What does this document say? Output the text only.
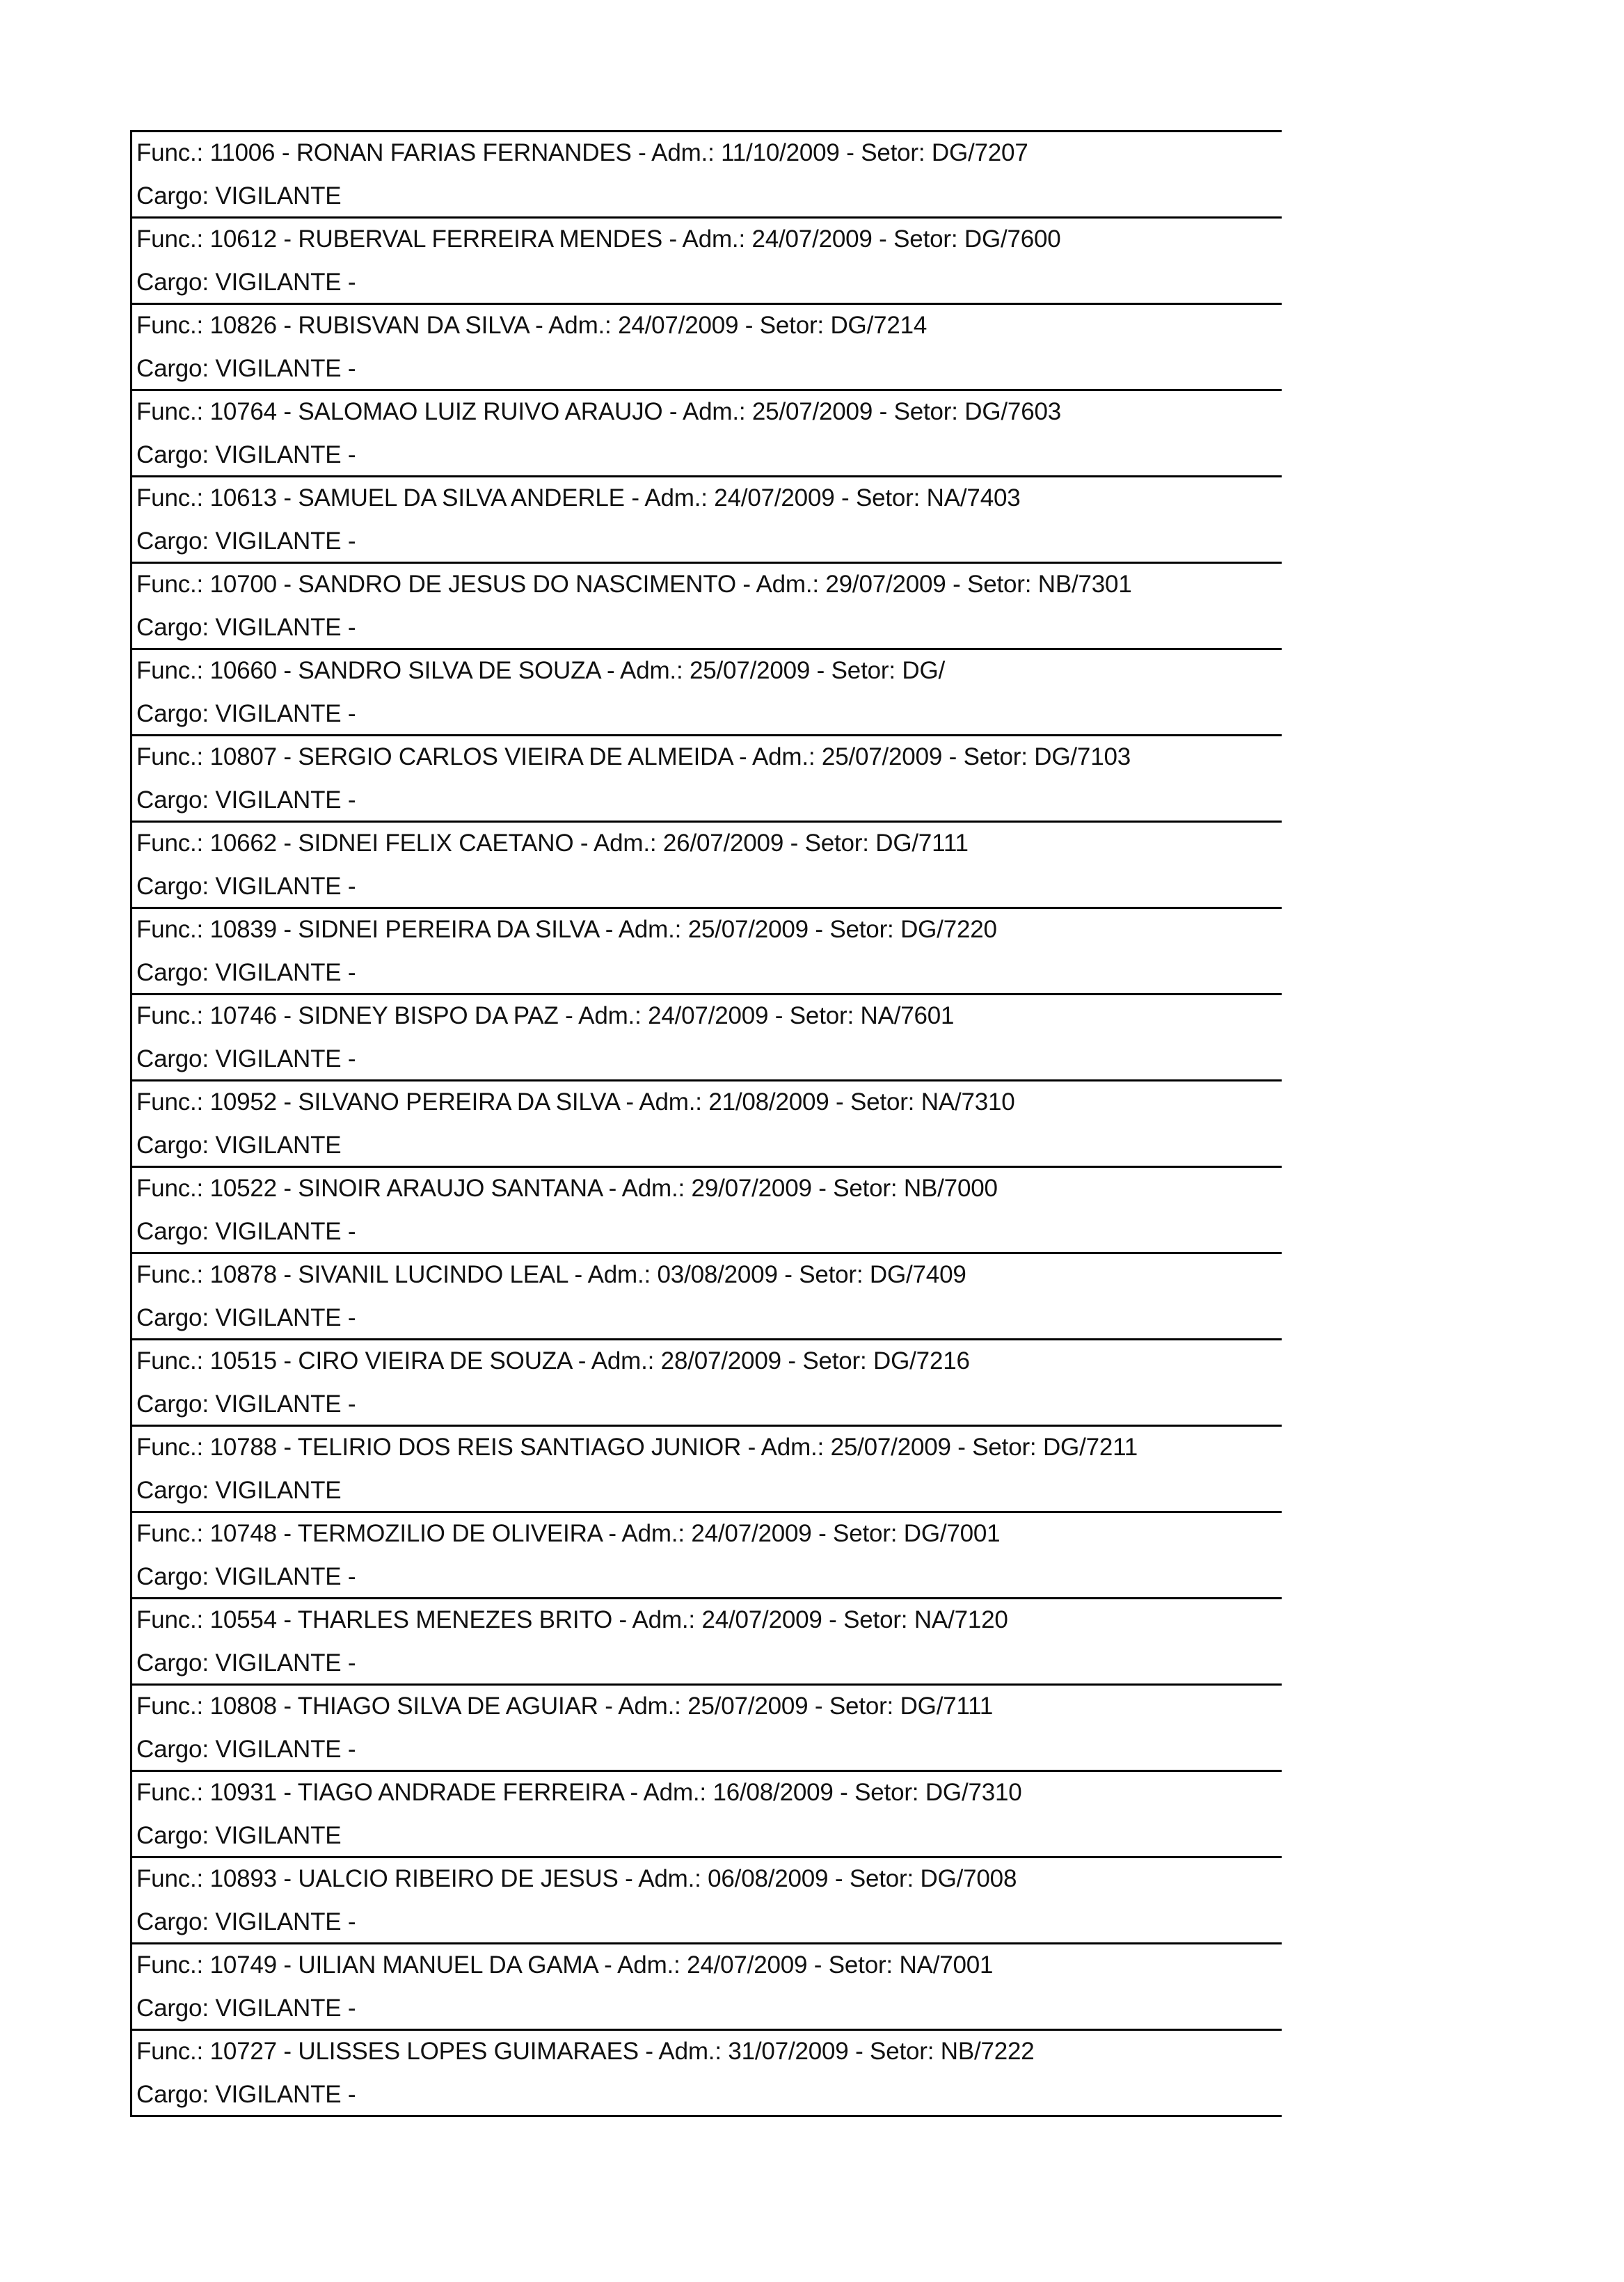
Func.: 11006 - RONAN FARIAS FERNANDES - Adm.: 11/10/2009 - Setor: DG/7207
Cargo: VIGILANTE
Func.: 10612 - RUBERVAL FERREIRA MENDES - Adm.: 24/07/2009 - Setor: DG/7600
Cargo: VIGILANTE -
Func.: 10826 - RUBISVAN DA SILVA - Adm.: 24/07/2009 - Setor: DG/7214
Cargo: VIGILANTE -
Func.: 10764 - SALOMAO LUIZ RUIVO ARAUJO - Adm.: 25/07/2009 - Setor: DG/7603
Cargo: VIGILANTE -
Func.: 10613 - SAMUEL DA SILVA ANDERLE - Adm.: 24/07/2009 - Setor: NA/7403
Cargo: VIGILANTE -
Func.: 10700 - SANDRO DE JESUS DO NASCIMENTO - Adm.: 29/07/2009 - Setor: NB/7301
Cargo: VIGILANTE -
Func.: 10660 - SANDRO SILVA DE SOUZA - Adm.: 25/07/2009 - Setor: DG/
Cargo: VIGILANTE -
Func.: 10807 - SERGIO CARLOS VIEIRA DE ALMEIDA - Adm.: 25/07/2009 - Setor: DG/7103
Cargo: VIGILANTE -
Func.: 10662 - SIDNEI FELIX CAETANO - Adm.: 26/07/2009 - Setor: DG/7111
Cargo: VIGILANTE -
Func.: 10839 - SIDNEI PEREIRA DA SILVA - Adm.: 25/07/2009 - Setor: DG/7220
Cargo: VIGILANTE -
Func.: 10746 - SIDNEY BISPO DA PAZ - Adm.: 24/07/2009 - Setor: NA/7601
Cargo: VIGILANTE -
Func.: 10952 - SILVANO PEREIRA DA SILVA - Adm.: 21/08/2009 - Setor: NA/7310
Cargo: VIGILANTE
Func.: 10522 - SINOIR ARAUJO SANTANA - Adm.: 29/07/2009 - Setor: NB/7000
Cargo: VIGILANTE -
Func.: 10878 - SIVANIL LUCINDO LEAL - Adm.: 03/08/2009 - Setor: DG/7409
Cargo: VIGILANTE -
Func.: 10515 - CIRO VIEIRA DE SOUZA - Adm.: 28/07/2009 - Setor: DG/7216
Cargo: VIGILANTE -
Func.: 10788 - TELIRIO DOS REIS SANTIAGO JUNIOR - Adm.: 25/07/2009 - Setor: DG/7211
Cargo: VIGILANTE
Func.: 10748 - TERMOZILIO DE OLIVEIRA - Adm.: 24/07/2009 - Setor: DG/7001
Cargo: VIGILANTE -
Func.: 10554 - THARLES MENEZES BRITO - Adm.: 24/07/2009 - Setor: NA/7120
Cargo: VIGILANTE -
Func.: 10808 - THIAGO SILVA DE AGUIAR - Adm.: 25/07/2009 - Setor: DG/7111
Cargo: VIGILANTE -
Func.: 10931 - TIAGO ANDRADE FERREIRA - Adm.: 16/08/2009 - Setor: DG/7310
Cargo: VIGILANTE
Func.: 10893 - UALCIO RIBEIRO DE JESUS - Adm.: 06/08/2009 - Setor: DG/7008
Cargo: VIGILANTE -
Func.: 10749 - UILIAN MANUEL DA GAMA - Adm.: 24/07/2009 - Setor: NA/7001
Cargo: VIGILANTE -
Func.: 10727 - ULISSES LOPES GUIMARAES - Adm.: 31/07/2009 - Setor: NB/7222
Cargo: VIGILANTE -
